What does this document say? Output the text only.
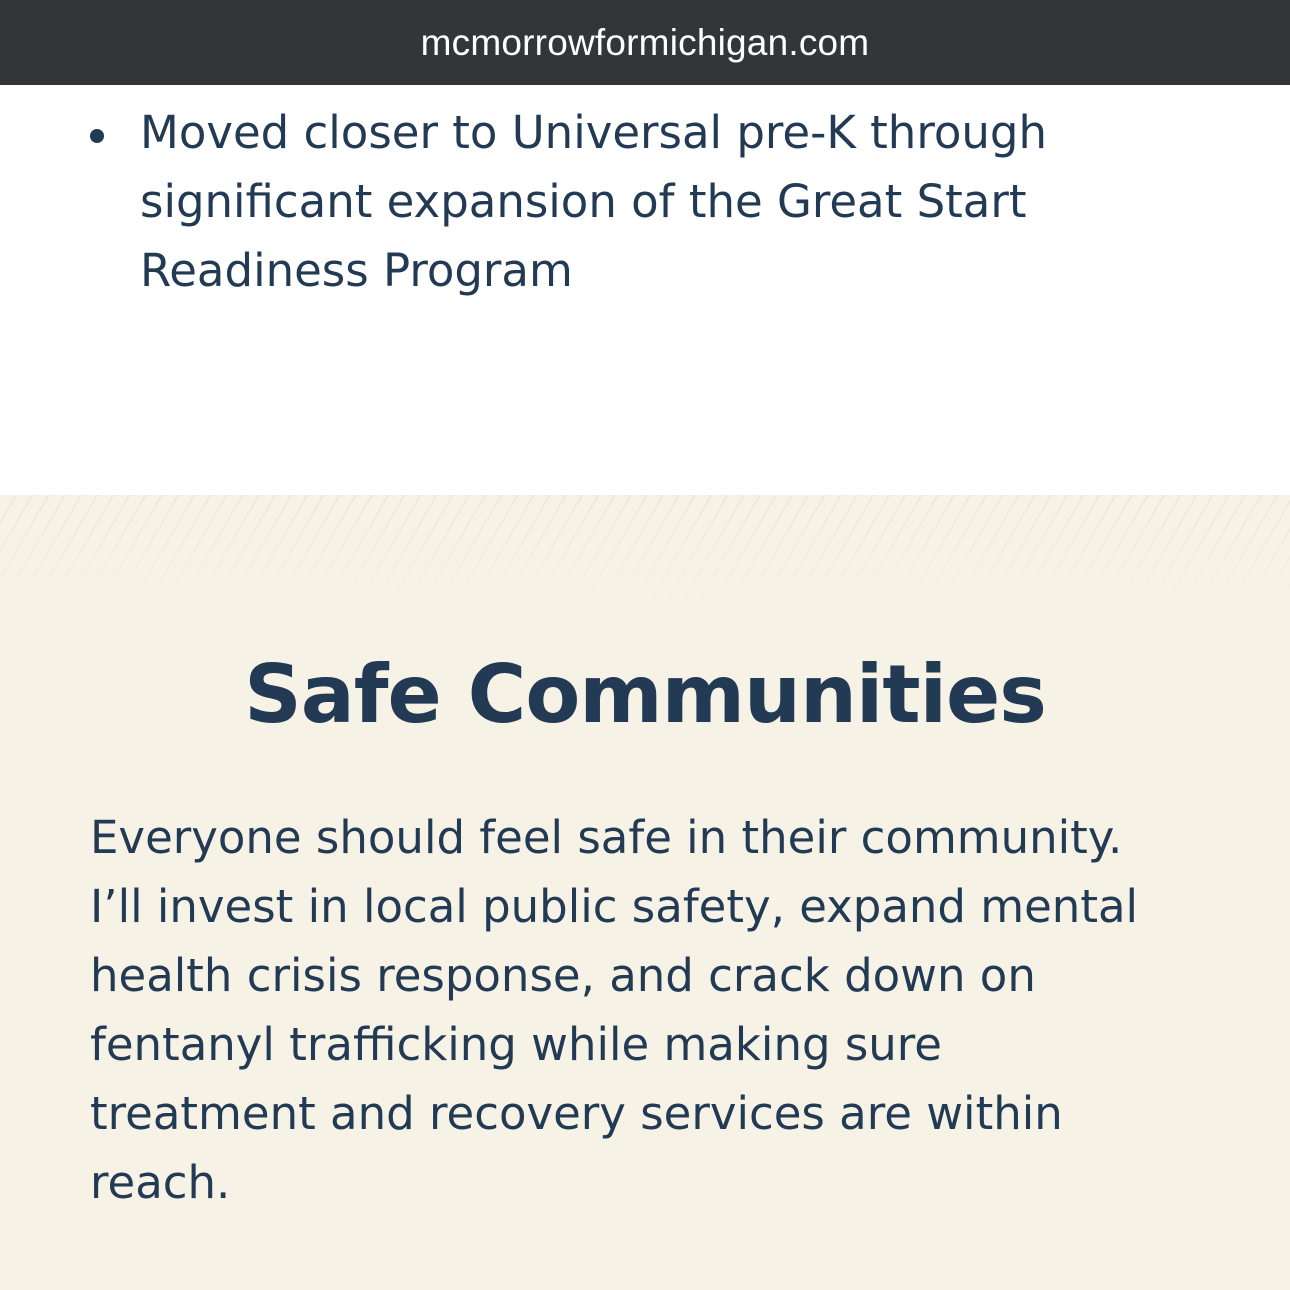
mcmorrowformichigan.com

Moved closer to Universal pre-K through significant expansion of the Great Start Readiness Program

Safe Communities

Everyone should feel safe in their community. I’ll invest in local public safety, expand mental health crisis response, and crack down on fentanyl trafficking while making sure treatment and recovery services are within reach.
